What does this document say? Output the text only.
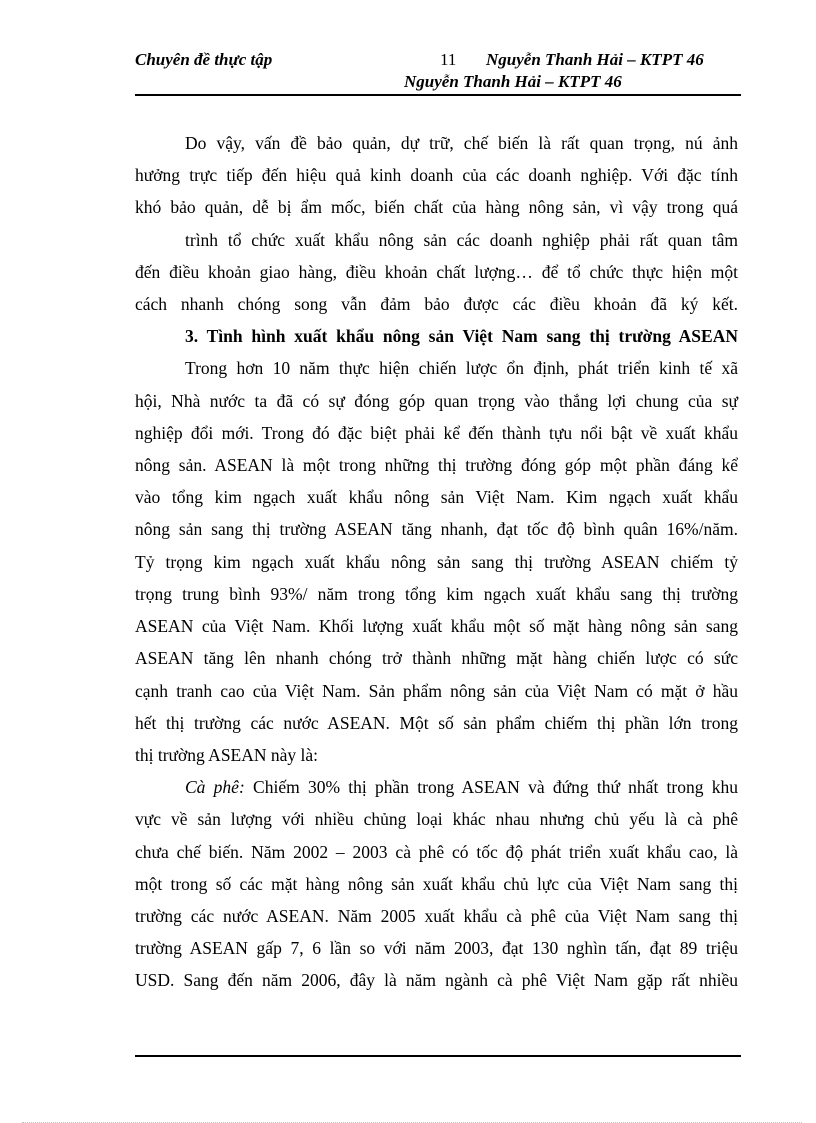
Chuyên đề thực tập	11 Nguyễn Thanh Hải – KTPT 46
Nguyễn Thanh Hải – KTPT 46
Do vậy, vấn đề bảo quản, dự trữ, chế biến là rất quan trọng, nú ảnh
hưởng trực tiếp đến hiệu quả kinh doanh của các doanh nghiệp. Với đặc tính
khó bảo quản, dễ bị ẩm mốc, biến chất của hàng nông sản, vì vậy trong quá
trình tổ chức xuất khẩu nông sản các doanh nghiệp phải rất quan tâm
đến điều khoản giao hàng, điều khoản chất lượng… để tổ chức thực hiện một
cách nhanh chóng song vẫn đảm bảo được các điều khoản đã ký kết.
3. Tình hình xuất khẩu nông sản Việt Nam sang thị trường ASEAN
Trong hơn 10 năm thực hiện chiến lược ổn định, phát triển kinh tế xã
hội, Nhà nước ta đã có sự đóng góp quan trọng vào thắng lợi chung của sự
nghiệp đổi mới. Trong đó đặc biệt phải kể đến thành tựu nổi bật về xuất khẩu
nông sản. ASEAN là một trong những thị trường đóng góp một phần đáng kể
vào tổng kim ngạch xuất khẩu nông sản Việt Nam. Kim ngạch xuất khẩu
nông sản sang thị trường ASEAN tăng nhanh, đạt tốc độ bình quân 16%/năm.
Tỷ trọng kim ngạch xuất khẩu nông sản sang thị trường ASEAN chiếm tỷ
trọng trung bình 93%/ năm trong tổng kim ngạch xuất khẩu sang thị trường
ASEAN của Việt Nam. Khối lượng xuất khẩu một số mặt hàng nông sản sang
ASEAN tăng lên nhanh chóng trở thành những mặt hàng chiến lược có sức
cạnh tranh cao của Việt Nam. Sản phẩm nông sản của Việt Nam có mặt ở hầu
hết thị trường các nước ASEAN. Một số sản phẩm chiếm thị phần lớn trong
thị trường ASEAN này là:
Cà phê: Chiếm 30% thị phần trong ASEAN và đứng thứ nhất trong khu
vực về sản lượng với nhiều chủng loại khác nhau nhưng chủ yếu là cà phê
chưa chế biến. Năm 2002 – 2003 cà phê có tốc độ phát triển xuất khẩu cao, là
một trong số các mặt hàng nông sản xuất khẩu chủ lực của Việt Nam sang thị
trường các nước ASEAN. Năm 2005 xuất khẩu cà phê của Việt Nam sang thị
trường ASEAN gấp 7, 6 lần so với năm 2003, đạt 130 nghìn tấn, đạt 89 triệu
USD. Sang đến năm 2006, đây là năm ngành cà phê Việt Nam gặp rất nhiều
